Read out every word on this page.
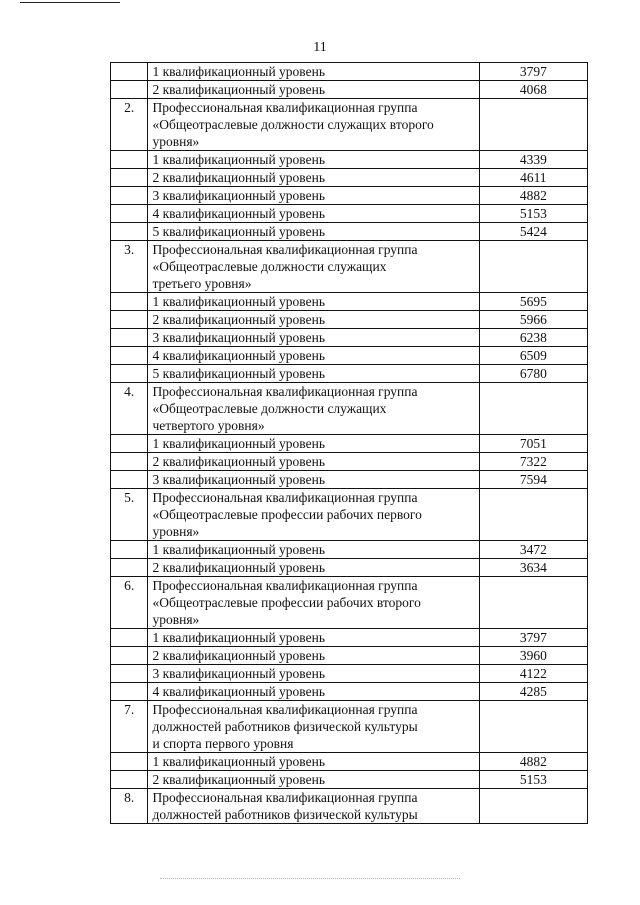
11
	1 квалификационный уровень	3797
	2 квалификационный уровень	4068
2.	Профессиональная квалификационная группа
«Общеотраслевые должности служащих второго
уровня»	

	1 квалификационный уровень	4339
	2 квалификационный уровень	4611
	3 квалификационный уровень	4882
	4 квалификационный уровень	5153
	5 квалификационный уровень	5424
3.	Профессиональная квалификационная группа
«Общеотраслевые должности служащих
третьего уровня»	

	1 квалификационный уровень	5695
	2 квалификационный уровень	5966
	3 квалификационный уровень	6238
	4 квалификационный уровень	6509
	5 квалификационный уровень	6780
4.	Профессиональная квалификационная группа
«Общеотраслевые должности служащих
четвертого уровня»	

	1 квалификационный уровень	7051
	2 квалификационный уровень	7322
	3 квалификационный уровень	7594
5.	Профессиональная квалификационная группа
«Общеотраслевые профессии рабочих первого
уровня»	

	1 квалификационный уровень	3472
	2 квалификационный уровень	3634
6.	Профессиональная квалификационная группа
«Общеотраслевые профессии рабочих второго
уровня»	

	1 квалификационный уровень	3797
	2 квалификационный уровень	3960
	3 квалификационный уровень	4122
	4 квалификационный уровень	4285
7.	Профессиональная квалификационная группа
должностей работников физической культуры
и спорта первого уровня	

	1 квалификационный уровень	4882
	2 квалификационный уровень	5153
8.	Профессиональная квалификационная группа
должностей работников физической культуры	
